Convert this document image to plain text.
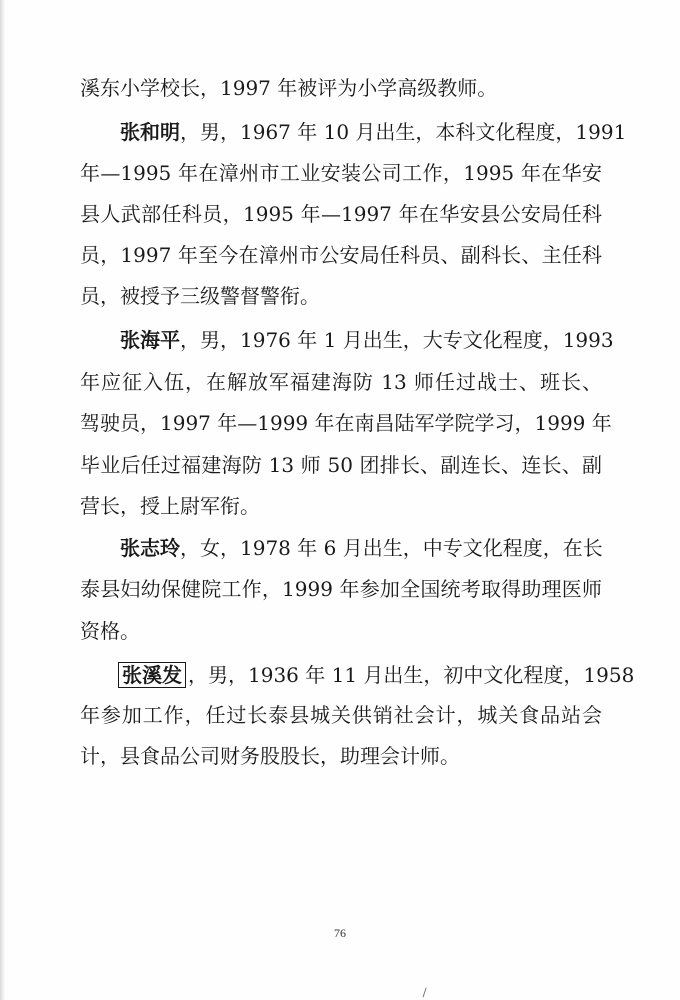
溪东小学校长，1997 年被评为小学高级教师。
张和明，男，1967 年 10 月出生，本科文化程度，1991
年—1995 年在漳州市工业安装公司工作，1995 年在华安
县人武部任科员，1995 年—1997 年在华安县公安局任科
员，1997 年至今在漳州市公安局任科员、副科长、主任科
员，被授予三级警督警衔。
张海平，男，1976 年 1 月出生，大专文化程度，1993
年应征入伍，在解放军福建海防 13 师任过战士、班长、
驾驶员，1997 年—1999 年在南昌陆军学院学习，1999 年
毕业后任过福建海防 13 师 50 团排长、副连长、连长、副
营长，授上尉军衔。
张志玲，女，1978 年 6 月出生，中专文化程度，在长
泰县妇幼保健院工作，1999 年参加全国统考取得助理医师
资格。
张溪发 ，男，1936 年 11 月出生，初中文化程度，1958
年参加工作，任过长泰县城关供销社会计，城关食品站会
计，县食品公司财务股股长，助理会计师。
76
